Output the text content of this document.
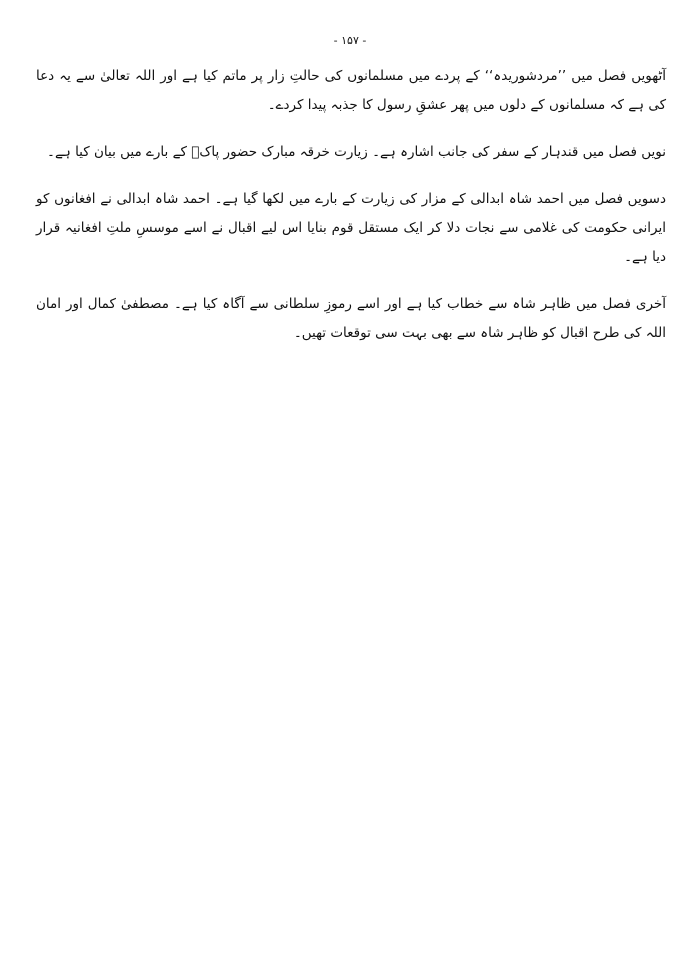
- ۱۵۷ -

آٹھویں فصل میں ’’مردشوریدہ‘‘ کے پردے میں مسلمانوں کی حالتِ زار پر ماتم کیا ہے اور اللہ تعالیٰ سے یہ دعا کی ہے کہ مسلمانوں کے دلوں میں پھر عشقِ رسول کا جذبہ پیدا کردے۔

نویں فصل میں قندہار کے سفر کی جانب اشارہ ہے۔ زیارت خرقہ مبارک حضور پاکؐ کے بارے میں بیان کیا ہے۔

دسویں فصل میں احمد شاہ ابدالی کے مزار کی زیارت کے بارے میں لکھا گیا ہے۔ احمد شاہ ابدالی نے افغانوں کو ایرانی حکومت کی غلامی سے نجات دلا کر ایک مستقل قوم بنایا اس لیے اقبال نے اسے موسسِ ملتِ افغانیہ قرار دیا ہے۔

آخری فصل میں ظاہر شاہ سے خطاب کیا ہے اور اسے رموزِ سلطانی سے آگاہ کیا ہے۔ مصطفیٰ کمال اور امان اللہ کی طرح اقبال کو ظاہر شاہ سے بھی بہت سی توقعات تھیں۔
